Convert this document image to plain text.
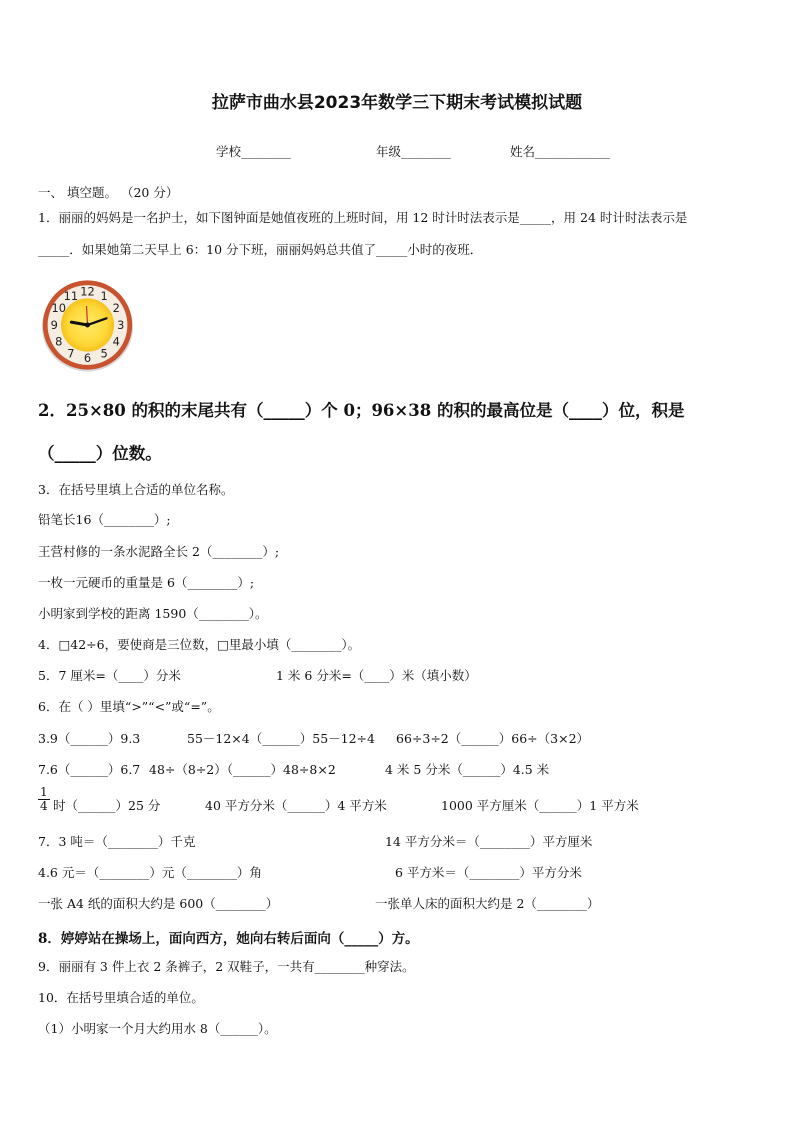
拉萨市曲水县2023年数学三下期末考试模拟试题
学校________	年级________	姓名____________
一、 填空题。 （20 分）
1．丽丽的妈妈是一名护士，如下图钟面是她值夜班的上班时间，用 12 时计时法表示是_____，用 24 时计时法表示是
_____．如果她第二天早上 6：10 分下班，丽丽妈妈总共值了_____小时的夜班．
12 1
2
3
4
5
6
7
8
9
10
11
2．25×80 的积的末尾共有（_____）个 0；96×38 的积的最高位是（____）位，积是
（_____）位数。
3．在括号里填上合适的单位名称。
铅笔长16（________）;
王营村修的一条水泥路全长 2（________）;
一枚一元硬币的重量是 6（________）;
小明家到学校的距离 1590（________）。
4．□42÷6，要使商是三位数，□里最小填（________）。
5．7 厘米=（____）分米	1 米 6 分米=（____）米（填小数）
6．在（ ）里填“>”“<”或“=”。
3.9（______）9.3	55－12×4（______）55－12÷4 66÷3÷2（______）66÷（3×2）
7.6（______）6.7 48÷（8÷2）（______）48÷8×2	4 米 5 分米（______）4.5 米
$\frac{1}{4}$ 时（______）25 分	40 平方分米（______）4 平方米	1000 平方厘米（______）1 平方米
7．3 吨＝（________）千克	14 平方分米＝（________）平方厘米
4.6 元＝（________）元（________）角	6 平方米＝（________）平方分米
一张 A4 纸的面积大约是 600（________）	一张单人床的面积大约是 2（________）
8．婷婷站在操场上，面向西方，她向右转后面向（_____）方。
9．丽丽有 3 件上衣 2 条裤子，2 双鞋子，一共有________种穿法。
10．在括号里填合适的单位。
（1）小明家一个月大约用水 8（______）。
